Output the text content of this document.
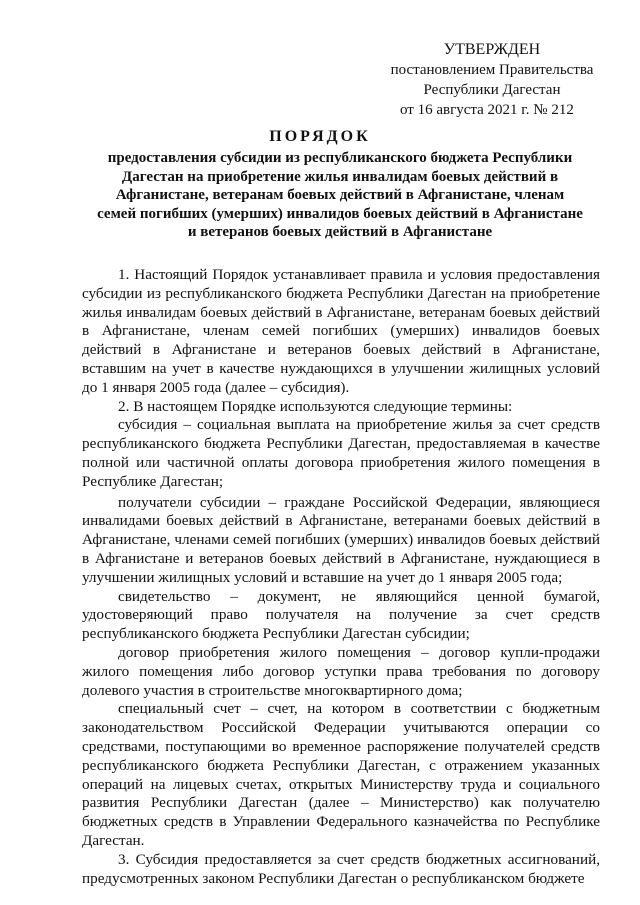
УТВЕРЖДЕН
постановлением Правительства
Республики Дагестан
от 16 августа 2021 г. № 212
ПОРЯДОК
предоставления субсидии из республиканского бюджета Республики Дагестан на приобретение жилья инвалидам боевых действий в Афганистане, ветеранам боевых действий в Афганистане, членам семей погибших (умерших) инвалидов боевых действий в Афганистане и ветеранов боевых действий в Афганистане

1. Настоящий Порядок устанавливает правила и условия предоставления субсидии из республиканского бюджета Республики Дагестан на приобретение жилья инвалидам боевых действий в Афганистане, ветеранам боевых действий в Афганистане, членам семей погибших (умерших) инвалидов боевых действий в Афганистане и ветеранов боевых действий в Афганистане, вставшим на учет в качестве нуждающихся в улучшении жилищных условий до 1 января 2005 года (далее – субсидия).

2. В настоящем Порядке используются следующие термины:

субсидия – социальная выплата на приобретение жилья за счет средств республиканского бюджета Республики Дагестан, предоставляемая в качестве полной или частичной оплаты договора приобретения жилого помещения в Республике Дагестан;

получатели субсидии – граждане Российской Федерации, являющиеся инвалидами боевых действий в Афганистане, ветеранами боевых действий в Афганистане, членами семей погибших (умерших) инвалидов боевых действий в Афганистане и ветеранов боевых действий в Афганистане, нуждающиеся в улучшении жилищных условий и вставшие на учет до 1 января 2005 года;

свидетельство – документ, не являющийся ценной бумагой, удостоверяющий право получателя на получение за счет средств республиканского бюджета Республики Дагестан субсидии;

договор приобретения жилого помещения – договор купли-продажи жилого помещения либо договор уступки права требования по договору долевого участия в строительстве многоквартирного дома;

специальный счет – счет, на котором в соответствии с бюджетным законодательством Российской Федерации учитываются операции со средствами, поступающими во временное распоряжение получателей средств республиканского бюджета Республики Дагестан, с отражением указанных операций на лицевых счетах, открытых Министерству труда и социального развития Республики Дагестан (далее – Министерство) как получателю бюджетных средств в Управлении Федерального казначейства по Республике Дагестан.

3. Субсидия предоставляется за счет средств бюджетных ассигнований, предусмотренных законом Республики Дагестан о республиканском бюджете
